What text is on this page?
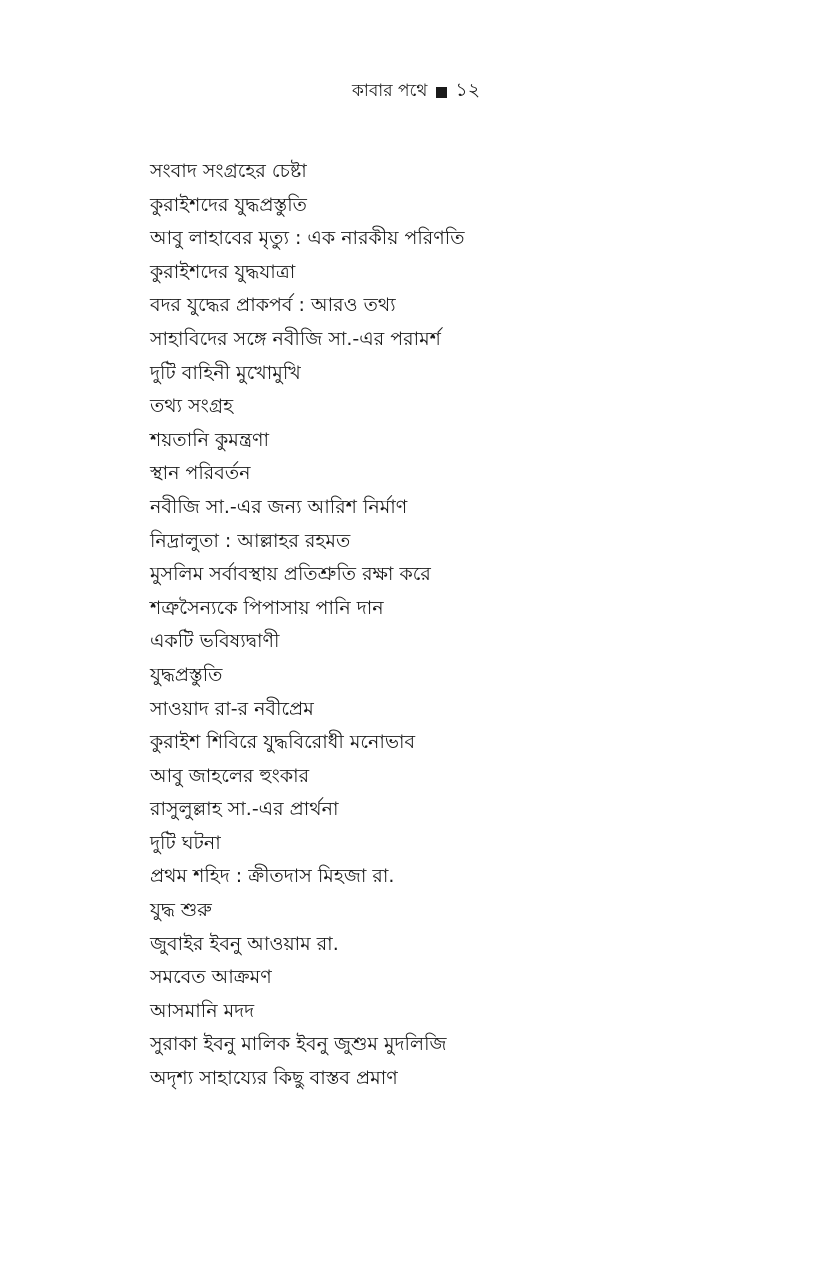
কাবার পথে ১২
সংবাদ সংগ্রহের চেষ্টা
কুরাইশদের যুদ্ধপ্রস্তুতি
আবু লাহাবের মৃত্যু : এক নারকীয় পরিণতি
কুরাইশদের যুদ্ধযাত্রা
বদর যুদ্ধের প্রাকপর্ব : আরও তথ্য
সাহাবিদের সঙ্গে নবীজি সা.-এর পরামর্শ
দুটি বাহিনী মুখোমুখি
তথ্য সংগ্রহ
শয়তানি কুমন্ত্রণা
স্থান পরিবর্তন
নবীজি সা.-এর জন্য আরিশ নির্মাণ
নিদ্রালুতা : আল্লাহর রহমত
মুসলিম সর্বাবস্থায় প্রতিশ্রুতি রক্ষা করে
শত্রুসৈন্যকে পিপাসায় পানি দান
একটি ভবিষ্যদ্বাণী
যুদ্ধপ্রস্তুতি
সাওয়াদ রা-র নবীপ্রেম
কুরাইশ শিবিরে যুদ্ধবিরোধী মনোভাব
আবু জাহলের হুংকার
রাসুলুল্লাহ সা.-এর প্রার্থনা
দুটি ঘটনা
প্রথম শহিদ : ক্রীতদাস মিহজা রা.
যুদ্ধ শুরু
জুবাইর ইবনু আওয়াম রা.
সমবেত আক্রমণ
আসমানি মদদ
সুরাকা ইবনু মালিক ইবনু জুশুম মুদলিজি
অদৃশ্য সাহায্যের কিছু বাস্তব প্রমাণ
